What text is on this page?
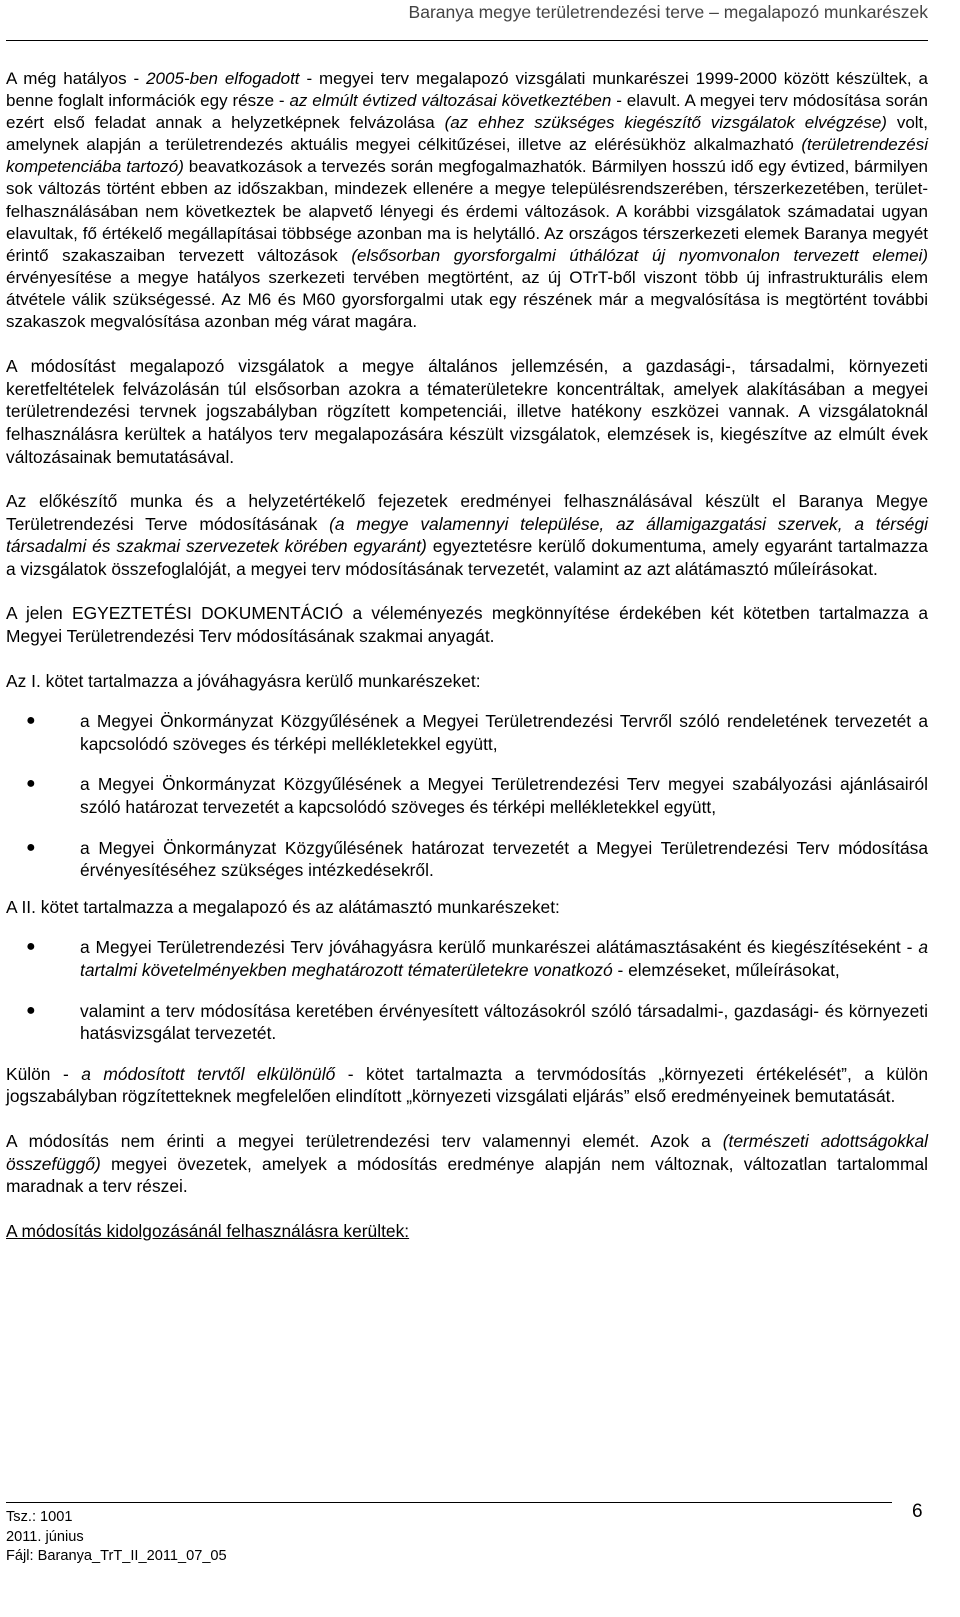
Baranya megye területrendezési terve – megalapozó munkarészek

A még hatályos - 2005-ben elfogadott - megyei terv megalapozó vizsgálati munkarészei 1999-2000 között készültek, a benne foglalt információk egy része - az elmúlt évtized változásai következtében - elavult. A megyei terv módosítása során ezért első feladat annak a helyzetképnek felvázolása (az ehhez szükséges kiegészítő vizsgálatok elvégzése) volt, amelynek alapján a területrendezés aktuális megyei célkitűzései, illetve az elérésükhöz alkalmazható (területrendezési kompetenciába tartozó) beavatkozások a tervezés során megfogalmazhatók. Bármilyen hosszú idő egy évtized, bármilyen sok változás történt ebben az időszakban, mindezek ellenére a megye településrendszerében, térszerkezetében, terület-felhasználásában nem következtek be alapvető lényegi és érdemi változások. A korábbi vizsgálatok számadatai ugyan elavultak, fő értékelő megállapításai többsége azonban ma is helytálló. Az országos térszerkezeti elemek Baranya megyét érintő szakaszaiban tervezett változások (elsősorban gyorsforgalmi úthálózat új nyomvonalon tervezett elemei) érvényesítése a megye hatályos szerkezeti tervében megtörtént, az új OTrT-ből viszont több új infrastrukturális elem átvétele válik szükségessé. Az M6 és M60 gyorsforgalmi utak egy részének már a megvalósítása is megtörtént további szakaszok megvalósítása azonban még várat magára.

A módosítást megalapozó vizsgálatok a megye általános jellemzésén, a gazdasági-, társadalmi, környezeti keretfeltételek felvázolásán túl elsősorban azokra a tématerületekre koncentráltak, amelyek alakításában a megyei területrendezési tervnek jogszabályban rögzített kompetenciái, illetve hatékony eszközei vannak. A vizsgálatoknál felhasználásra kerültek a hatályos terv megalapozására készült vizsgálatok, elemzések is, kiegészítve az elmúlt évek változásainak bemutatásával.

Az előkészítő munka és a helyzetértékelő fejezetek eredményei felhasználásával készült el Baranya Megye Területrendezési Terve módosításának (a megye valamennyi települése, az államigazgatási szervek, a térségi társadalmi és szakmai szervezetek körében egyaránt) egyeztetésre kerülő dokumentuma, amely egyaránt tartalmazza a vizsgálatok összefoglalóját, a megyei terv módosításának tervezetét, valamint az azt alátámasztó műleírásokat.

A jelen EGYEZTETÉSI DOKUMENTÁCIÓ a véleményezés megkönnyítése érdekében két kötetben tartalmazza a Megyei Területrendezési Terv módosításának szakmai anyagát.

Az I. kötet tartalmazza a jóváhagyásra kerülő munkarészeket:

●	a Megyei Önkormányzat Közgyűlésének a Megyei Területrendezési Tervről szóló rendeletének tervezetét a kapcsolódó szöveges és térképi mellékletekkel együtt,
●	a Megyei Önkormányzat Közgyűlésének a Megyei Területrendezési Terv megyei szabályozási ajánlásairól szóló határozat tervezetét a kapcsolódó szöveges és térképi mellékletekkel együtt,
●	a Megyei Önkormányzat Közgyűlésének határozat tervezetét a Megyei Területrendezési Terv módosítása érvényesítéséhez szükséges intézkedésekről.

A II. kötet tartalmazza a megalapozó és az alátámasztó munkarészeket:

●	a Megyei Területrendezési Terv jóváhagyásra kerülő munkarészei alátámasztásaként és kiegészítéseként - a tartalmi követelményekben meghatározott tématerületekre vonatkozó - elemzéseket, műleírásokat,
●	valamint a terv módosítása keretében érvényesített változásokról szóló társadalmi-, gazdasági- és környezeti hatásvizsgálat tervezetét.

Külön - a módosított tervtől elkülönülő - kötet tartalmazta a tervmódosítás „környezeti értékelését”, a külön jogszabályban rögzítetteknek megfelelően elindított „környezeti vizsgálati eljárás” első eredményeinek bemutatását.

A módosítás nem érinti a megyei területrendezési terv valamennyi elemét. Azok a (természeti adottságokkal összefüggő) megyei övezetek, amelyek a módosítás eredménye alapján nem változnak, változatlan tartalommal maradnak a terv részei.

A módosítás kidolgozásánál felhasználásra kerültek:

Tsz.: 1001
2011. június
Fájl: Baranya_TrT_II_2011_07_05
6
